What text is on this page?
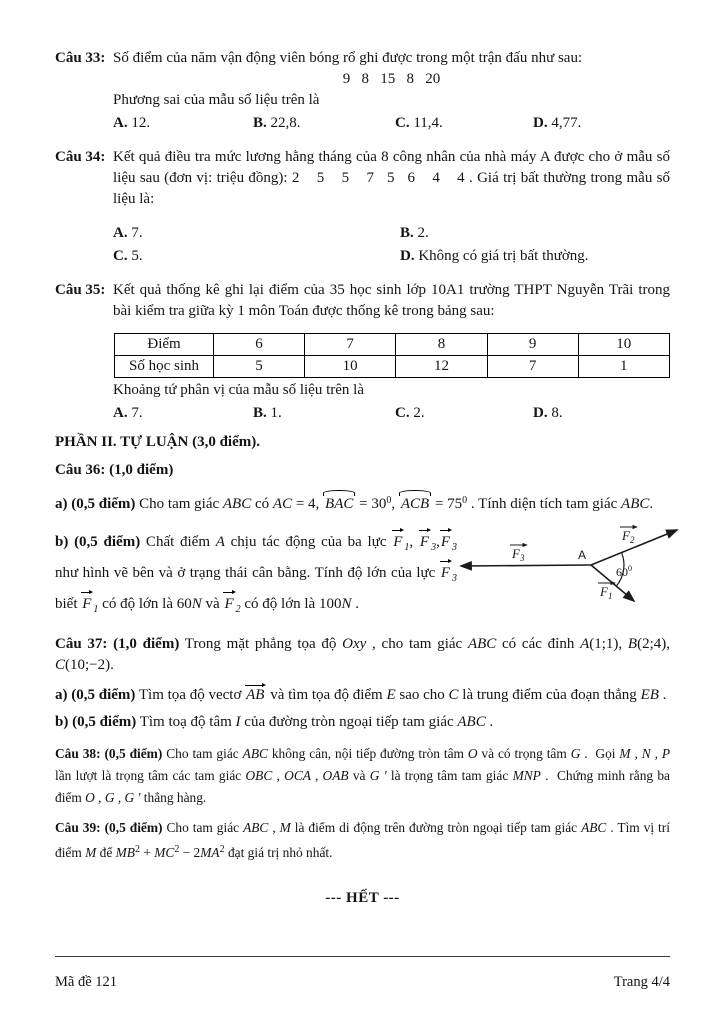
Câu 33: Số điểm của năm vận động viên bóng rổ ghi được trong một trận đấu như sau:

9   8   15   8   20

Phương sai của mẫu số liệu trên là

A. 12.	B. 22,8.	C. 11,4.	D. 4,77.
Câu 34: Kết quả điều tra mức lương hằng tháng của 8 công nhân của nhà máy A được cho ở mẫu số liệu sau (đơn vị: triệu đồng): 2    5    5    7   5   6    4    4 . Giá trị bất thường trong mẫu số liệu là:

A. 7.	B. 2.
C. 5.	D. Không có giá trị bất thường.
Câu 35: Kết quả thống kê ghi lại điểm của 35 học sinh lớp 10A1 trường THPT Nguyễn Trãi trong bài kiểm tra giữa kỳ 1 môn Toán được thống kê trong bảng sau:

Điểm	6	7	8	9	10
Số học sinh	5	10	12	7	1

Khoảng tứ phân vị của mẫu số liệu trên là

A. 7.	B. 1.	C. 2.	D. 8.

PHẦN II. TỰ LUẬN (3,0 điểm).

Câu 36: (1,0 điểm)

a) (0,5 điểm) Cho tam giác ABC có AC = 4, BAC = $30^0$, ACB = $75^0$ . Tính diện tích tam giác ABC.

b) (0,5 điểm) Chất điểm A chịu tác động của ba lực F $_1$, F $_3$,F $_3$ như hình vẽ bên và ở trạng thái cân bằng. Tính độ lớn của lực F $_3$ biết F $_1$ có độ lớn là 60N và F $_2$ có độ lớn là 100N .
$F_3$
$F_2$
$F_1$
A
$60^0$

Câu 37: (1,0 điểm) Trong mặt phẳng tọa độ Oxy , cho tam giác ABC có các đỉnh A(1;1), B(2;4), C(10;−2).

a) (0,5 điểm) Tìm tọa độ vectơ AB và tìm tọa độ điểm E sao cho C là trung điểm của đoạn thẳng EB .

b) (0,5 điểm) Tìm toạ độ tâm I của đường tròn ngoại tiếp tam giác ABC .

Câu 38: (0,5 điểm) Cho tam giác ABC không cân, nội tiếp đường tròn tâm O và có trọng tâm G .  Gọi M , N , P lần lượt là trọng tâm các tam giác OBC , OCA , OAB và G ' là trọng tâm tam giác MNP .  Chứng minh rằng ba điểm O , G , G ' thẳng hàng.

Câu 39: (0,5 điểm) Cho tam giác ABC , M là điểm di động trên đường tròn ngoại tiếp tam giác ABC . Tìm vị trí điểm M để $MB^2 + MC^2 - 2MA^2$ đạt giá trị nhỏ nhất.

--- HẾT ---

Mã đề 121	Trang 4/4
